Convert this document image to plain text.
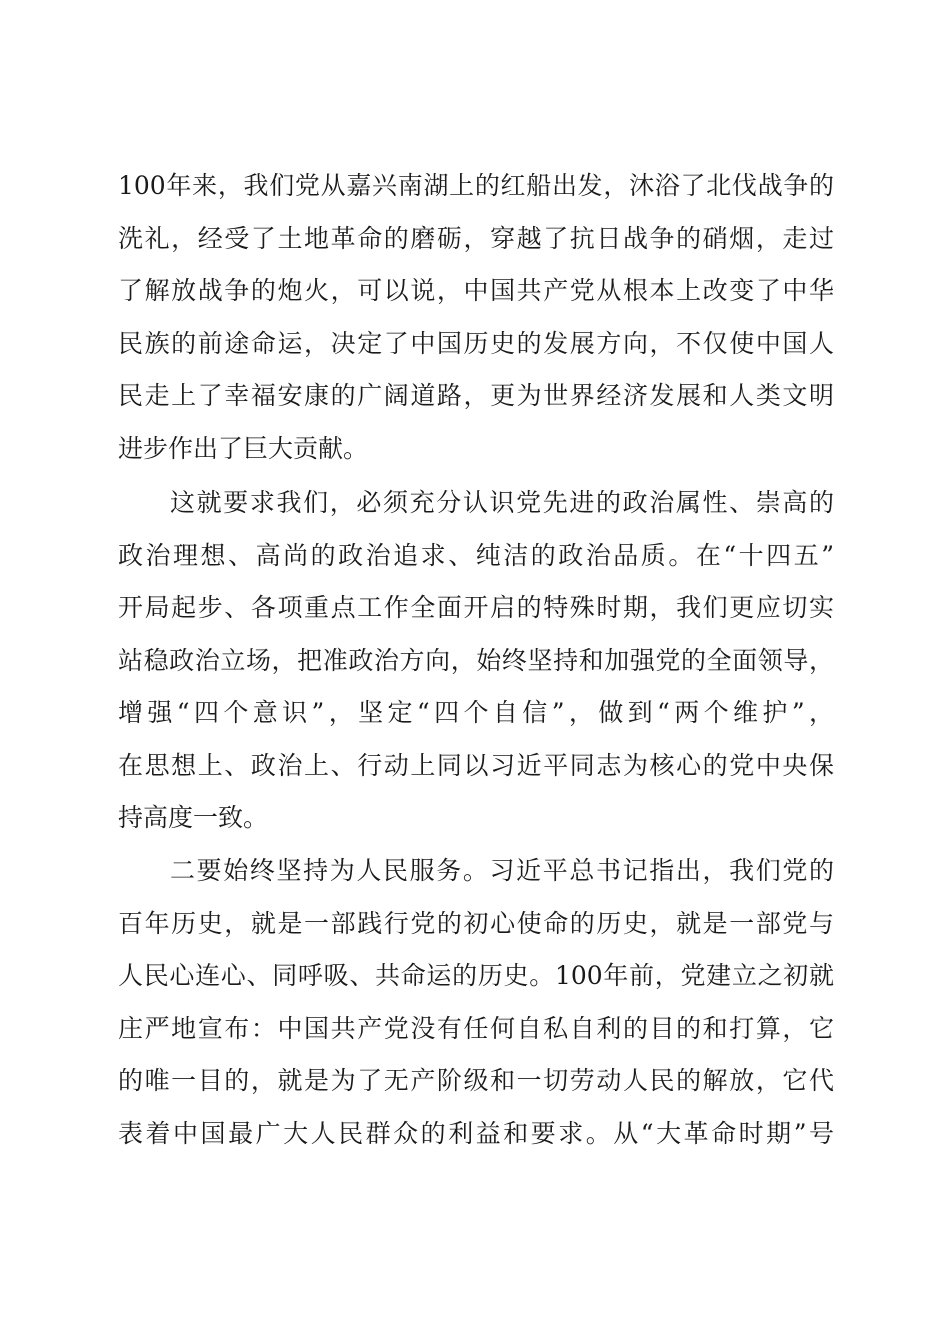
100年来，我们党从嘉兴南湖上的红船出发，沐浴了北伐战争的
洗礼，经受了土地革命的磨砺，穿越了抗日战争的硝烟，走过
了解放战争的炮火，可以说，中国共产党从根本上改变了中华
民族的前途命运，决定了中国历史的发展方向，不仅使中国人
民走上了幸福安康的广阔道路，更为世界经济发展和人类文明
进步作出了巨大贡献。
这就要求我们，必须充分认识党先进的政治属性、崇高的
政治理想、高尚的政治追求、纯洁的政治品质。在“十四五”
开局起步、各项重点工作全面开启的特殊时期，我们更应切实
站稳政治立场，把准政治方向，始终坚持和加强党的全面领导，
增强“四个意识”，坚定“四个自信”，做到“两个维护”，
在思想上、政治上、行动上同以习近平同志为核心的党中央保
持高度一致。
二要始终坚持为人民服务。习近平总书记指出，我们党的
百年历史，就是一部践行党的初心使命的历史，就是一部党与
人民心连心、同呼吸、共命运的历史。100年前，党建立之初就
庄严地宣布：中国共产党没有任何自私自利的目的和打算，它
的唯一目的，就是为了无产阶级和一切劳动人民的解放，它代
表着中国最广大人民群众的利益和要求。从“大革命时期”号
